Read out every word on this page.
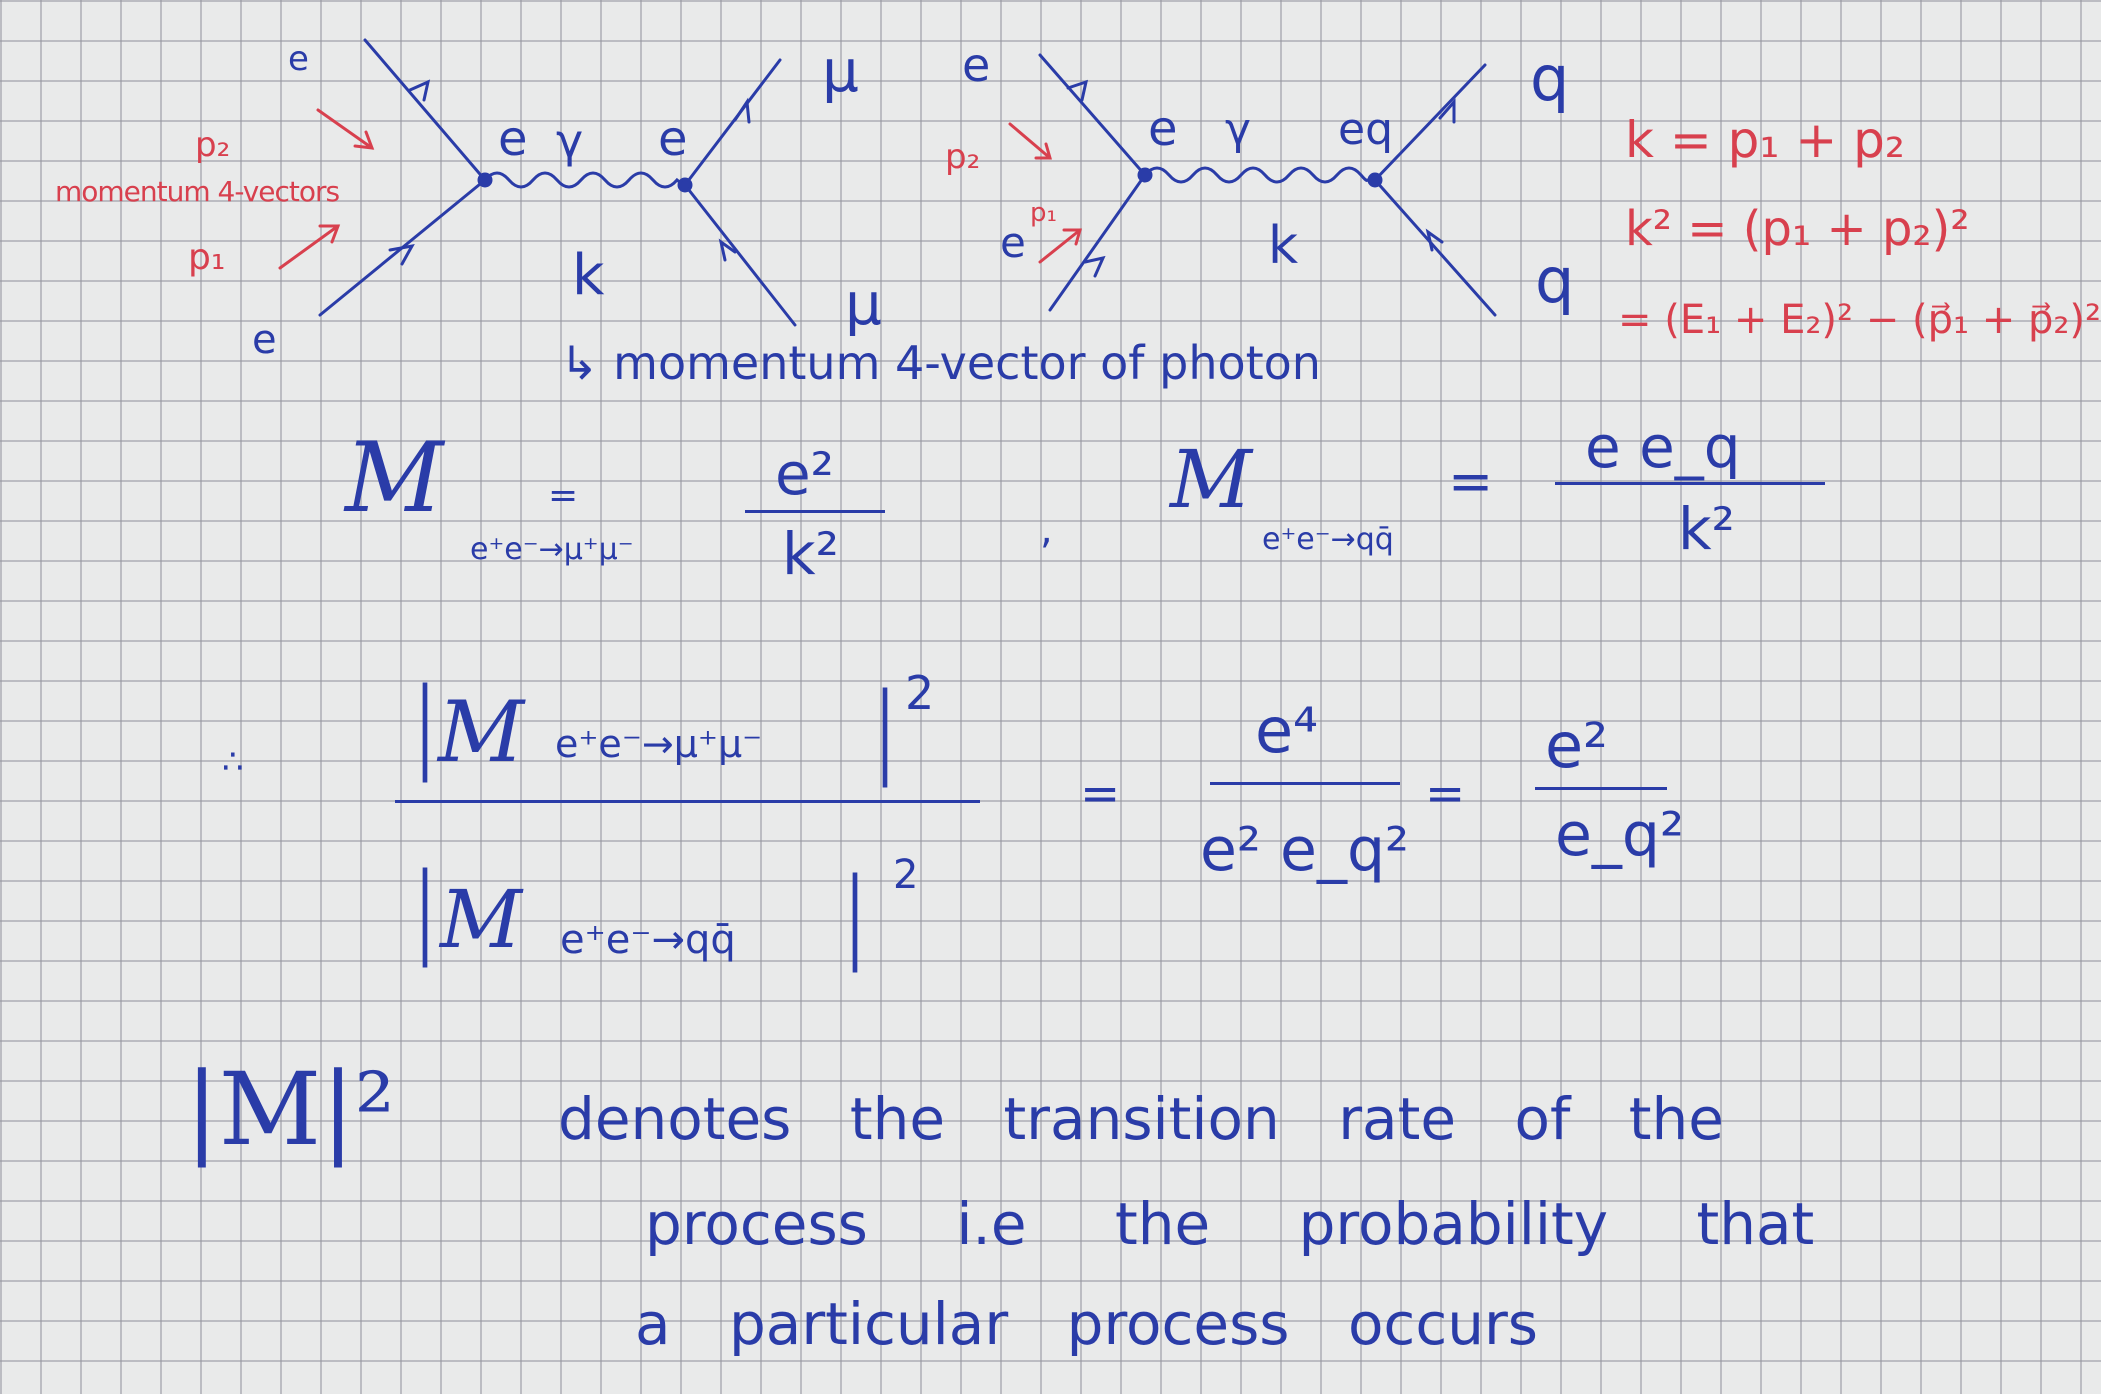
e
e
μ
μ
e γ e
k
e
e
q
q
e γ eq
k
p₂
p₁
momentum 4-vectors
p₂
p₁
k = p₁ + p₂
k² = (p₁ + p₂)²
= (E₁ + E₂)² − (p⃗₁ + p⃗₂)²
↳ momentum 4-vector of photon
M
e⁺e⁻→μ⁺μ⁻
=	e²
k²	,
M
e⁺e⁻→qq̄
=
e e_q
k²
∴ |
M e⁺e⁻→μ⁺μ⁻ | 2
|
M e⁺e⁻→qq̄ | 2
=
e⁴
e² e_q²
=
e²
e_q²
|M|²	denotes the transition rate of the
process i.e the probability that
a particular process occurs
